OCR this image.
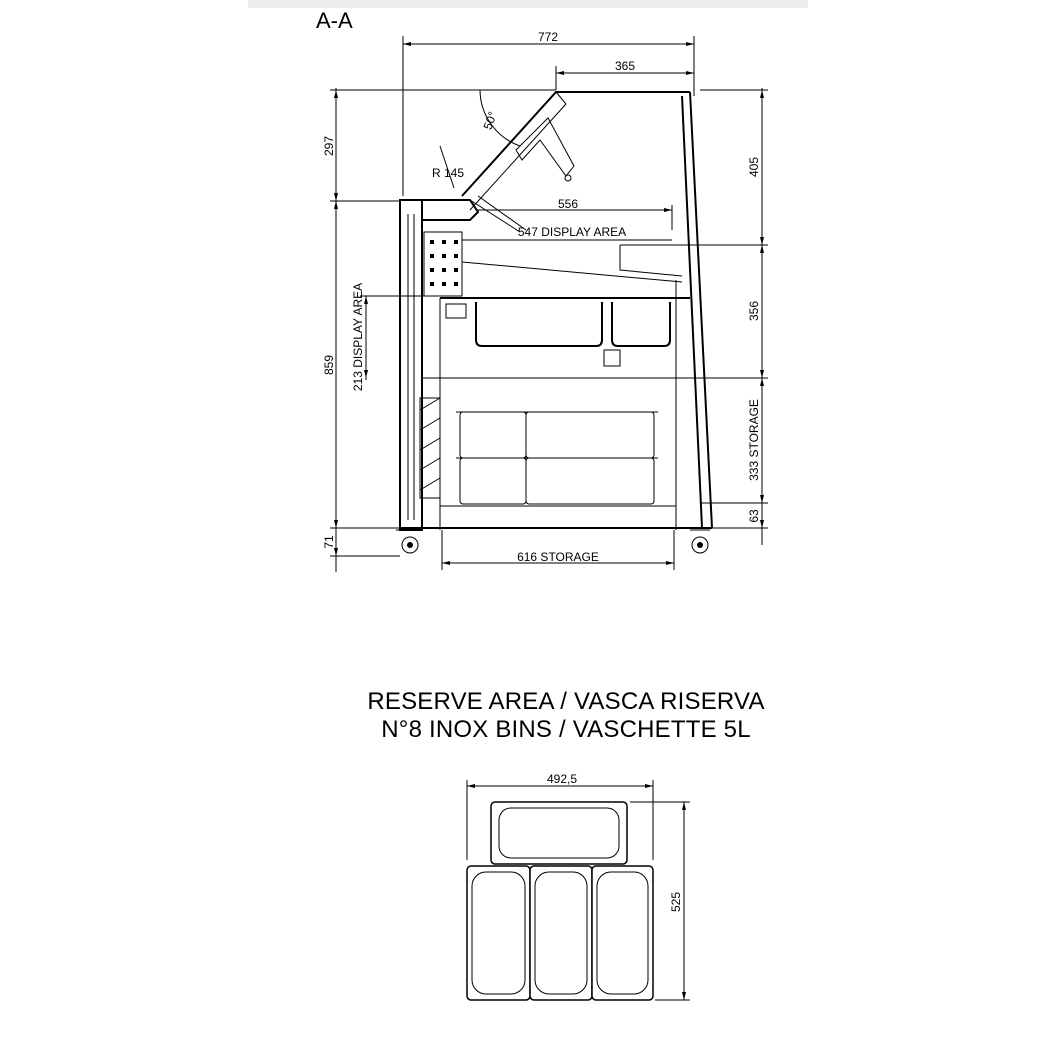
A-A
772
365
297
859
71
213 DISPLAY AREA
405
356
333 STORAGE
63
556
547 DISPLAY AREA
50°
R 145
616 STORAGE
492,5
525
RESERVE AREA / VASCA RISERVA
N°8 INOX BINS / VASCHETTE 5L
